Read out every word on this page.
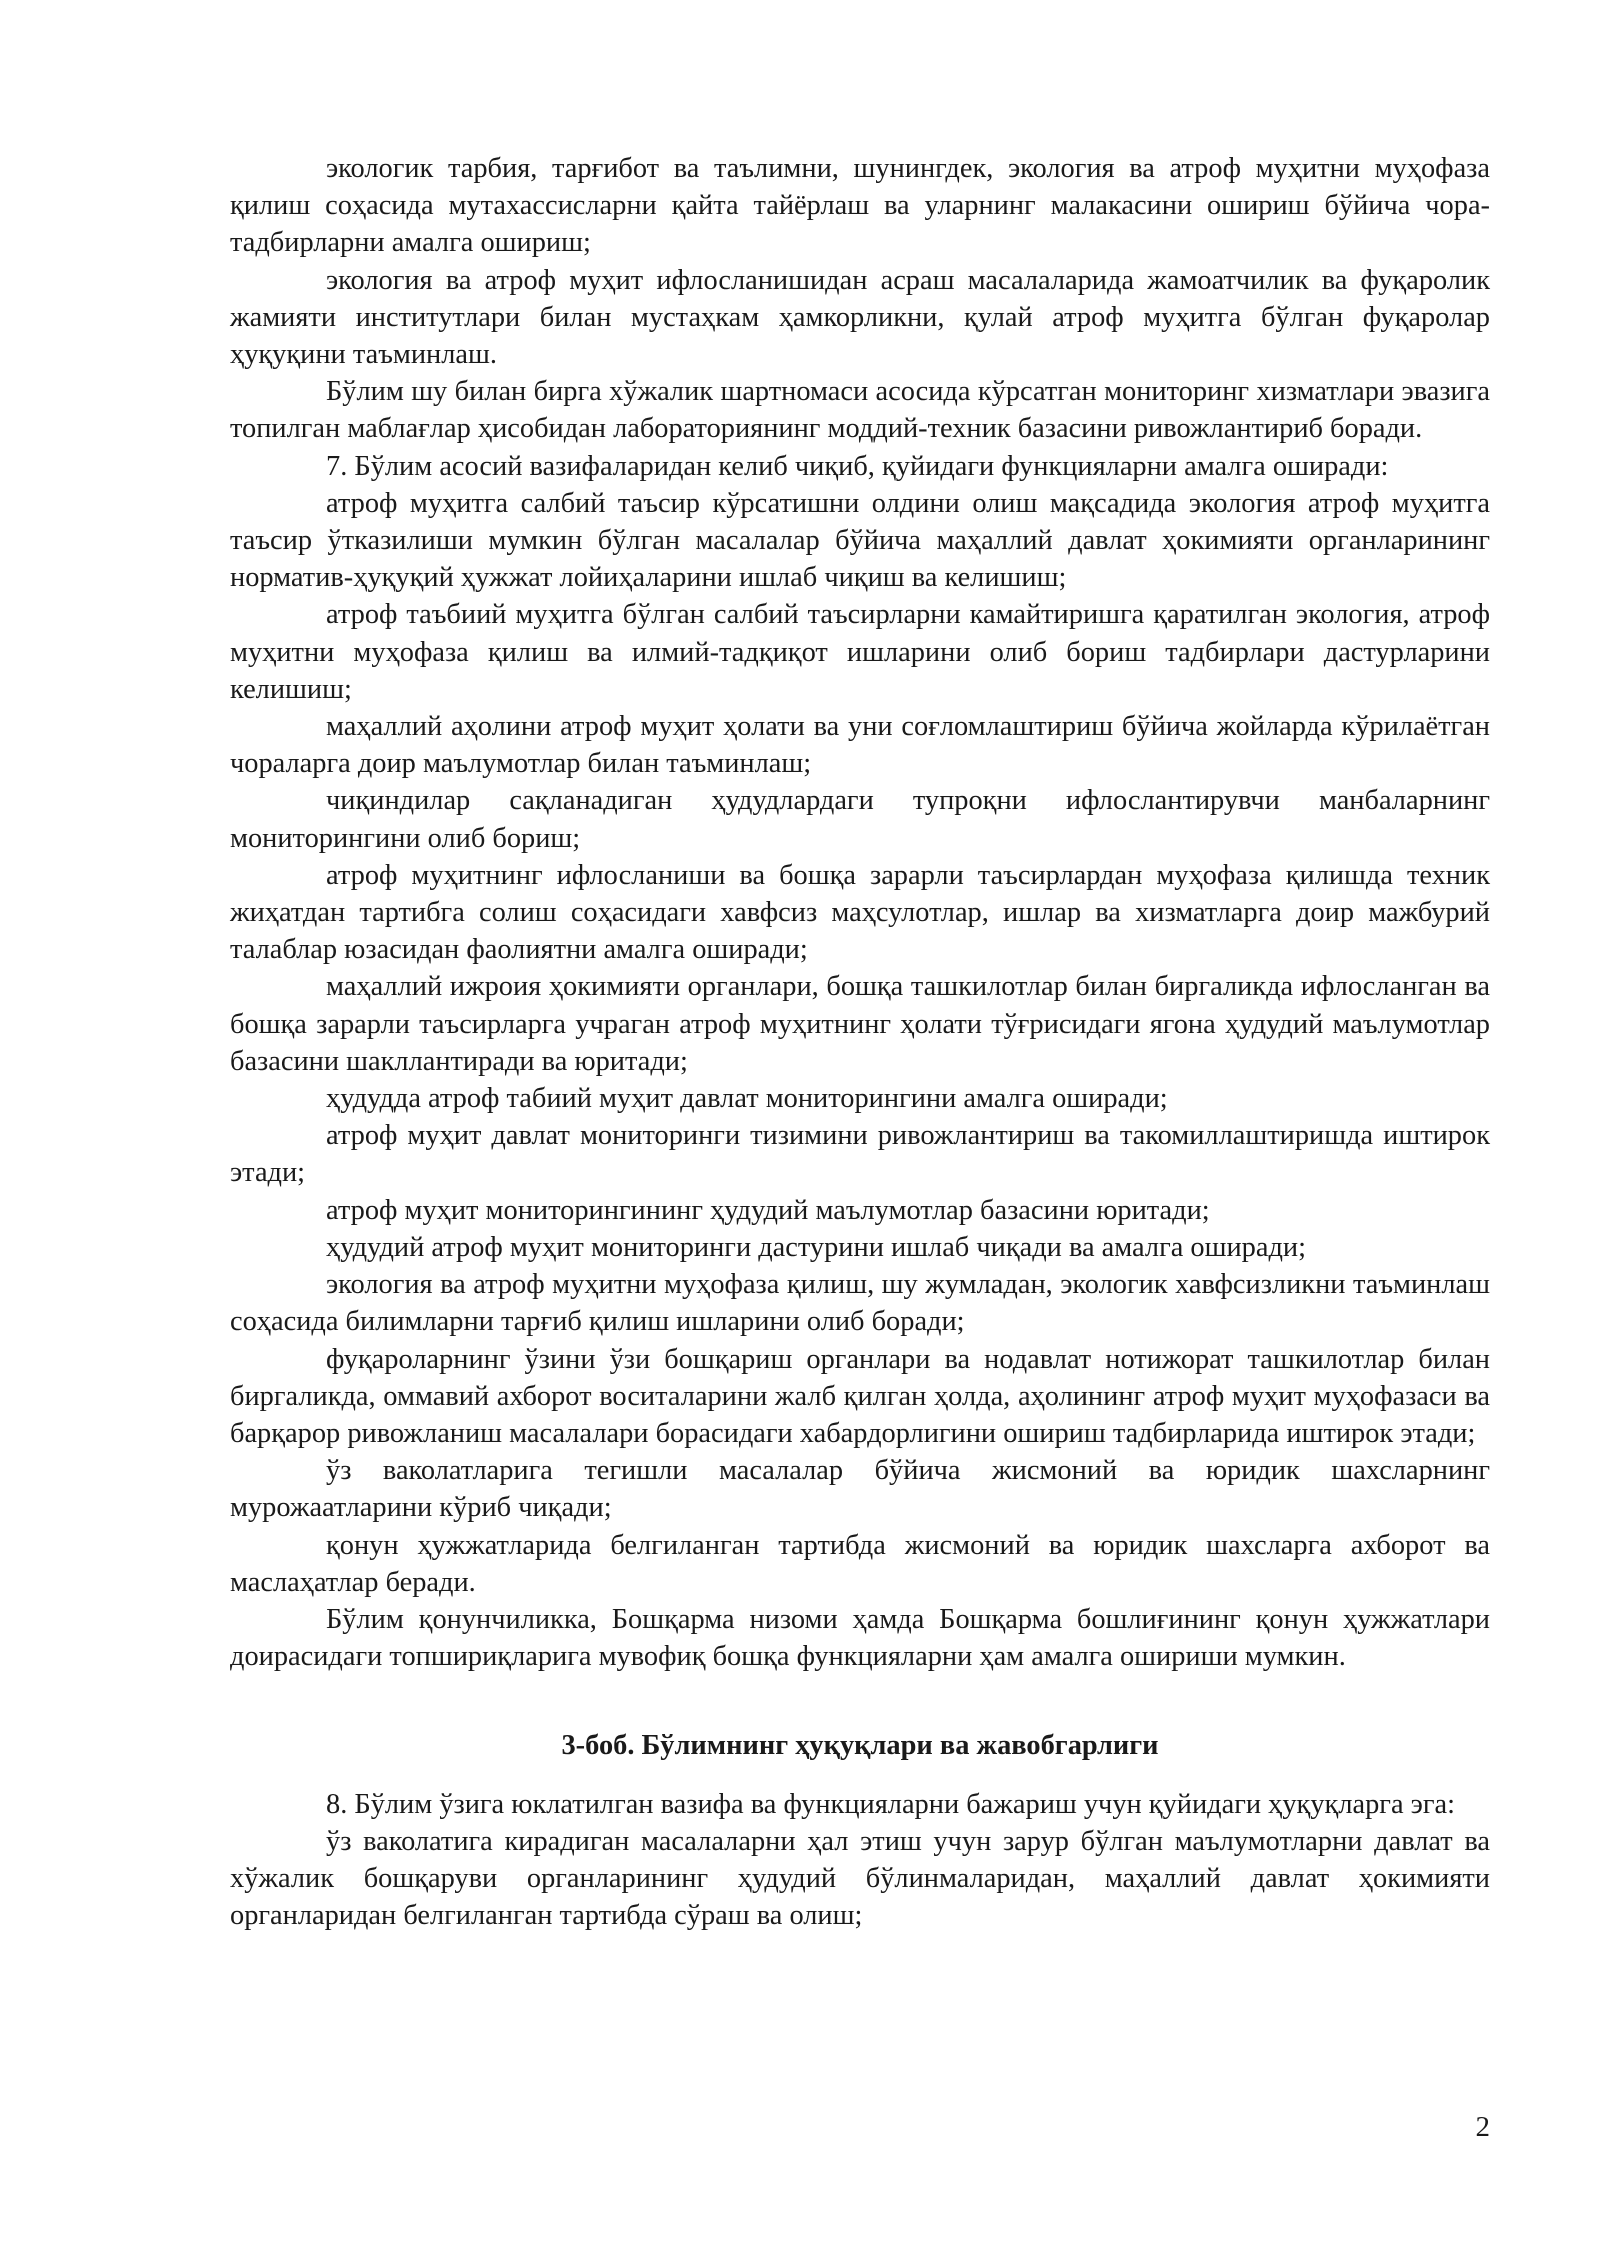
экологик тарбия, тарғибот ва таълимни, шунингдек, экология ва атроф муҳитни муҳофаза қилиш соҳасида мутахассисларни қайта тайёрлаш ва уларнинг малакасини ошириш бўйича чора-тадбирларни амалга ошириш;

экология ва атроф муҳит ифлосланишидан асраш масалаларида жамоатчилик ва фуқаролик жамияти институтлари билан мустаҳкам ҳамкорликни, қулай атроф муҳитга бўлган фуқаролар ҳуқуқини таъминлаш.

Бўлим шу билан бирга хўжалик шартномаси асосида кўрсатган мониторинг хизматлари эвазига топилган маблағлар ҳисобидан лабораториянинг моддий-техник базасини ривожлантириб боради.

7. Бўлим асосий вазифаларидан келиб чиқиб, қуйидаги функцияларни амалга оширади:

атроф муҳитга салбий таъсир кўрсатишни олдини олиш мақсадида экология атроф муҳитга таъсир ўтказилиши мумкин бўлган масалалар бўйича маҳаллий давлат ҳокимияти органларининг норматив-ҳуқуқий ҳужжат лойиҳаларини ишлаб чиқиш ва келишиш;

атроф таъбиий муҳитга бўлган салбий таъсирларни камайтиришга қаратилган экология, атроф муҳитни муҳофаза қилиш ва илмий-тадқиқот ишларини олиб бориш тадбирлари дастурларини келишиш;

маҳаллий аҳолини атроф муҳит ҳолати ва уни соғломлаштириш бўйича жойларда кўрилаётган чораларга доир маълумотлар билан таъминлаш;

чиқиндилар сақланадиган ҳудудлардаги тупроқни ифлослантирувчи манбаларнинг мониторингини олиб бориш;

атроф муҳитнинг ифлосланиши ва бошқа зарарли таъсирлардан муҳофаза қилишда техник жиҳатдан тартибга солиш соҳасидаги хавфсиз маҳсулотлар, ишлар ва хизматларга доир мажбурий талаблар юзасидан фаолиятни амалга оширади;

маҳаллий ижроия ҳокимияти органлари, бошқа ташкилотлар билан биргаликда ифлосланган ва бошқа зарарли таъсирларга учраган атроф муҳитнинг ҳолати тўғрисидаги ягона ҳудудий маълумотлар базасини шакллантиради ва юритади;

ҳудудда атроф табиий муҳит давлат мониторингини амалга оширади;

атроф муҳит давлат мониторинги тизимини ривожлантириш ва такомиллаштиришда иштирок этади;

атроф муҳит мониторингининг ҳудудий маълумотлар базасини юритади;

ҳудудий атроф муҳит мониторинги дастурини ишлаб чиқади ва амалга оширади;

экология ва атроф муҳитни муҳофаза қилиш, шу жумладан, экологик хавфсизликни таъминлаш соҳасида билимларни тарғиб қилиш ишларини олиб боради;

фуқароларнинг ўзини ўзи бошқариш органлари ва нодавлат нотижорат ташкилотлар билан биргаликда, оммавий ахборот воситаларини жалб қилган ҳолда, аҳолининг атроф муҳит муҳофазаси ва барқарор ривожланиш масалалари борасидаги хабардорлигини ошириш тадбирларида иштирок этади;

ўз ваколатларига тегишли масалалар бўйича жисмоний ва юридик шахсларнинг мурожаатларини кўриб чиқади;

қонун ҳужжатларида белгиланган тартибда жисмоний ва юридик шахсларга ахборот ва маслаҳатлар беради.

Бўлим қонунчиликка, Бошқарма низоми ҳамда Бошқарма бошлиғининг қонун ҳужжатлари доирасидаги топшириқларига мувофиқ бошқа функцияларни ҳам амалга ошириши мумкин.

3-боб. Бўлимнинг ҳуқуқлари ва жавобгарлиги

8. Бўлим ўзига юклатилган вазифа ва функцияларни бажариш учун қуйидаги ҳуқуқларга эга:

ўз ваколатига кирадиган масалаларни ҳал этиш учун зарур бўлган маълумотларни давлат ва хўжалик бошқаруви органларининг ҳудудий бўлинмаларидан, маҳаллий давлат ҳокимияти органларидан белгиланган тартибда сўраш ва олиш;

2
